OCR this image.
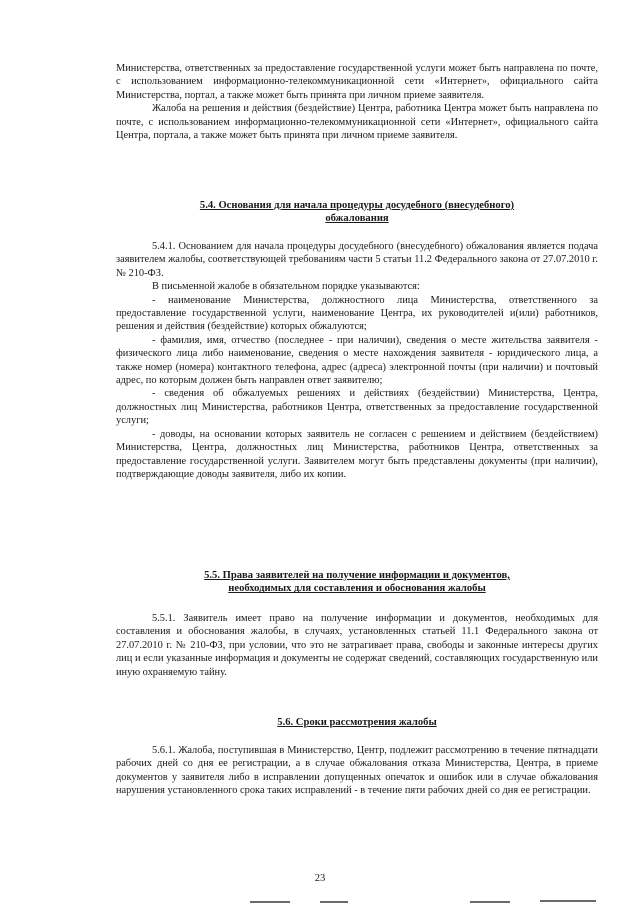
Министерства, ответственных за предоставление государственной услуги может быть направлена по почте, с использованием информационно-телекоммуникационной сети «Интернет», официального сайта Министерства, портал, а также может быть принята при личном приеме заявителя.

Жалоба на решения и действия (бездействие) Центра, работника Центра может быть направлена по почте, с использованием информационно-телекоммуникационной сети «Интернет», официального сайта Центра, портала, а также может быть принята при личном приеме заявителя.

5.4. Основания для начала процедуры досудебного (внесудебного)
обжалования

5.4.1. Основанием для начала процедуры досудебного (внесудебного) обжалования является подача заявителем жалобы, соответствующей требованиям части 5 статьи 11.2 Федерального закона от 27.07.2010 г. № 210-ФЗ.

В письменной жалобе в обязательном порядке указываются:

- наименование Министерства, должностного лица Министерства, ответственного за предоставление государственной услуги, наименование Центра, их руководителей и(или) работников, решения и действия (бездействие) которых обжалуются;

- фамилия, имя, отчество (последнее - при наличии), сведения о месте жительства заявителя - физического лица либо наименование, сведения о месте нахождения заявителя - юридического лица, а также номер (номера) контактного телефона, адрес (адреса) электронной почты (при наличии) и почтовый адрес, по которым должен быть направлен ответ заявителю;

- сведения об обжалуемых решениях и действиях (бездействии) Министерства, Центра, должностных лиц Министерства, работников Центра, ответственных за предоставление государственной услуги;

- доводы, на основании которых заявитель не согласен с решением и действием (бездействием) Министерства, Центра, должностных лиц Министерства, работников Центра, ответственных за предоставление государственной услуги. Заявителем могут быть представлены документы (при наличии), подтверждающие доводы заявителя, либо их копии.

5.5. Права заявителей на получение информации и документов,
необходимых для составления и обоснования жалобы

5.5.1. Заявитель имеет право на получение информации и документов, необходимых для составления и обоснования жалобы, в случаях, установленных статьей 11.1 Федерального закона от 27.07.2010 г. № 210-ФЗ, при условии, что это не затрагивает права, свободы и законные интересы других лиц и если указанные информация и документы не содержат сведений, составляющих государственную или иную охраняемую тайну.

5.6. Сроки рассмотрения жалобы

5.6.1. Жалоба, поступившая в Министерство, Центр, подлежит рассмотрению в течение пятнадцати рабочих дней со дня ее регистрации, а в случае обжалования отказа Министерства, Центра, в приеме документов у заявителя либо в исправлении допущенных опечаток и ошибок или в случае обжалования нарушения установленного срока таких исправлений - в течение пяти рабочих дней со дня ее регистрации.

23
